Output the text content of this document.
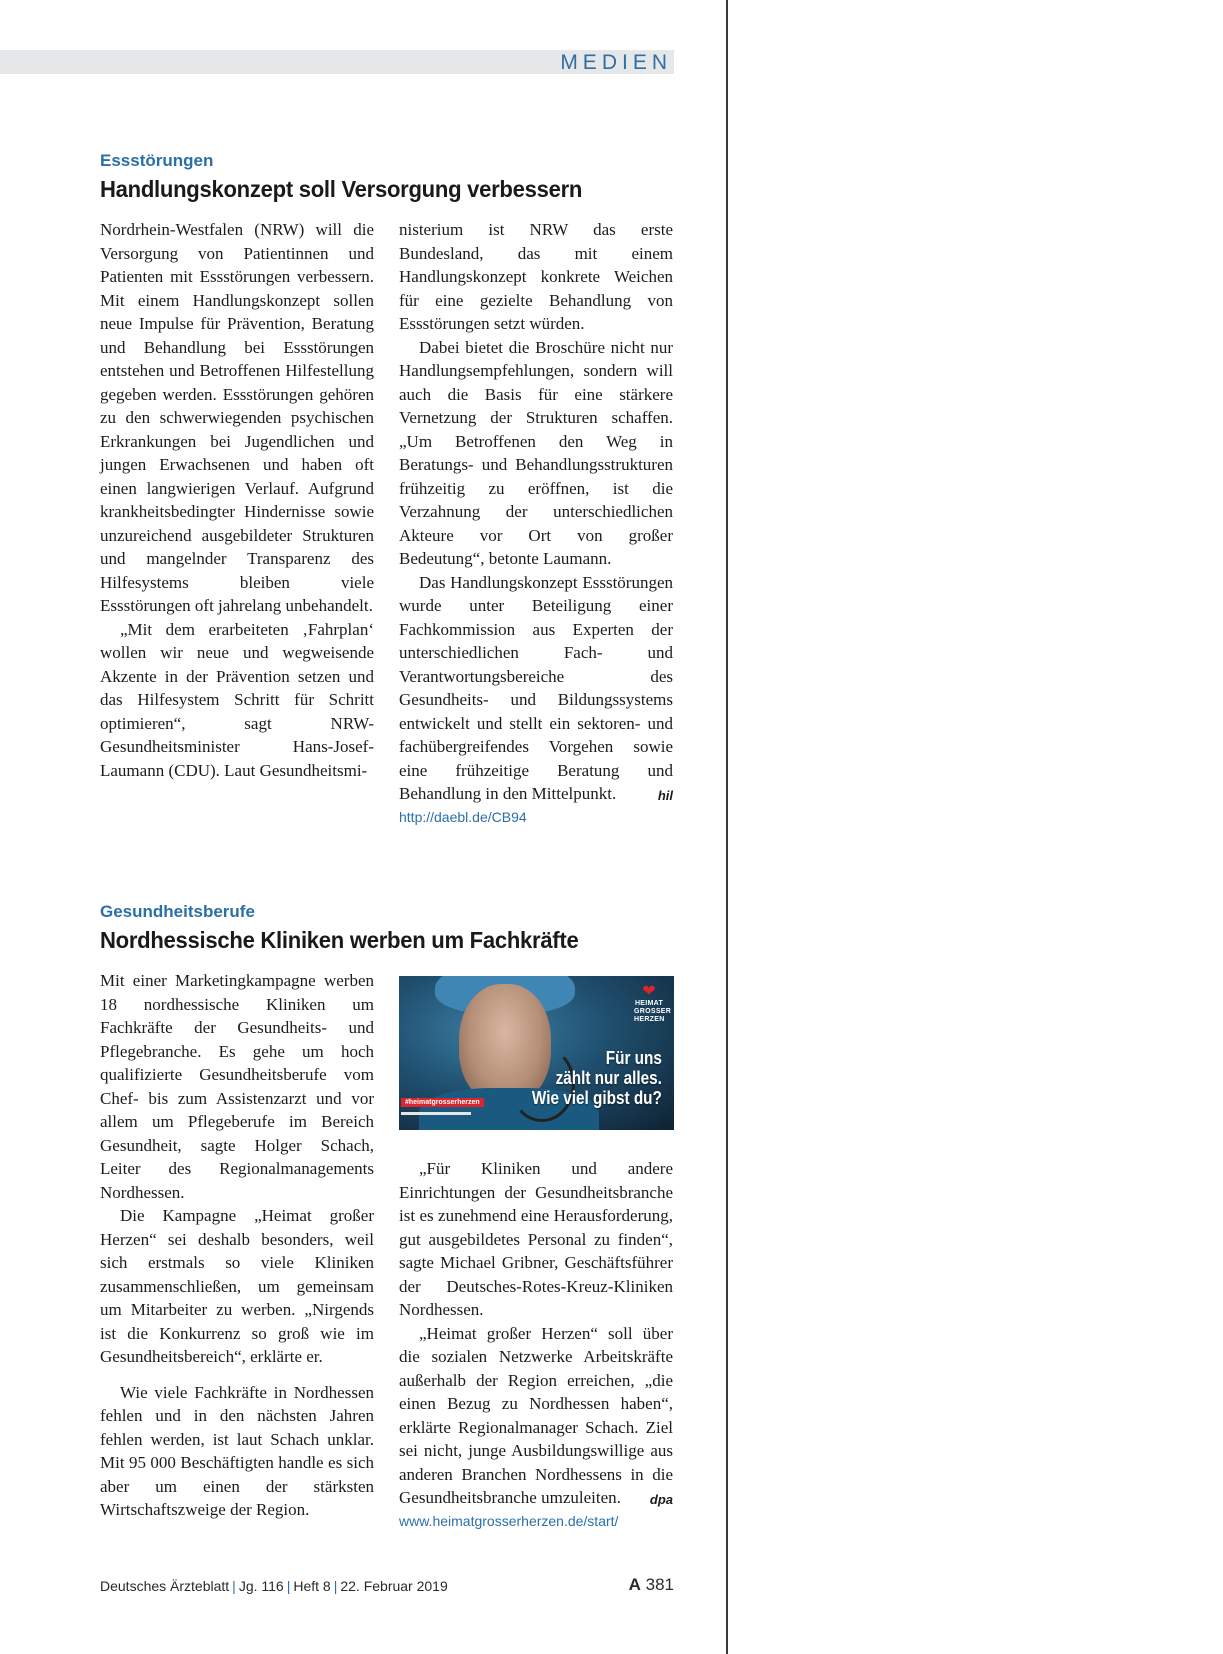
MEDIEN
Essstörungen
Handlungskonzept soll Versorgung verbessern

Nordrhein-Westfalen (NRW) will die Versorgung von Patientinnen und Patienten mit Essstörungen verbessern. Mit einem Handlungskonzept sollen neue Impulse für Prävention, Beratung und Behandlung bei Essstörungen entstehen und Betroffenen Hilfestellung gegeben werden. Essstörungen gehören zu den schwerwiegenden psychischen Erkrankungen bei Jugendlichen und jungen Erwachsenen und haben oft einen langwierigen Verlauf. Aufgrund krankheitsbedingter Hindernisse sowie unzureichend ausgebildeter Strukturen und mangelnder Transparenz des Hilfesystems bleiben viele Essstörungen oft jahrelang unbehandelt.

„Mit dem erarbeiteten ‚Fahrplan‘ wollen wir neue und wegweisende Akzente in der Prävention setzen und das Hilfesystem Schritt für Schritt optimieren“, sagt NRW-Gesundheitsminister Hans-Josef-Laumann (CDU). Laut Gesundheitsmi-

nisterium ist NRW das erste Bundesland, das mit einem Handlungskonzept konkrete Weichen für eine gezielte Behandlung von Essstörungen setzt würden.

Dabei bietet die Broschüre nicht nur Handlungsempfehlungen, sondern will auch die Basis für eine stärkere Vernetzung der Strukturen schaffen. „Um Betroffenen den Weg in Beratungs- und Behandlungsstrukturen frühzeitig zu eröffnen, ist die Verzahnung der unterschiedlichen Akteure vor Ort von großer Bedeutung“, betonte Laumann.

Das Handlungskonzept Essstörungen wurde unter Beteiligung einer Fachkommission aus Experten der unterschiedlichen Fach- und Verantwortungsbereiche des Gesundheits- und Bildungssystems entwickelt und stellt ein sektoren- und fachübergreifendes Vorgehen sowie eine frühzeitige Beratung und Behandlung in den Mittelpunkt.	hil

http://daebl.de/CB94
Gesundheitsberufe
Nordhessische Kliniken werben um Fachkräfte

Mit einer Marketingkampagne werben 18 nordhessische Kliniken um Fachkräfte der Gesundheits- und Pflegebranche. Es gehe um hoch qualifizierte Gesundheitsberufe vom Chef- bis zum Assistenzarzt und vor allem um Pflegeberufe im Bereich Gesundheit, sagte Holger Schach, Leiter des Regionalmanagements Nordhessen.

Die Kampagne „Heimat großer Herzen“ sei deshalb besonders, weil sich erstmals so viele Kliniken zusammenschließen, um gemeinsam um Mitarbeiter zu werben. „Nirgends ist die Konkurrenz so groß wie im Gesundheitsbereich“, erklärte er.

Wie viele Fachkräfte in Nordhessen fehlen und in den nächsten Jahren fehlen werden, ist laut Schach unklar. Mit 95 000 Beschäftigten handle es sich aber um einen der stärksten Wirtschaftszweige der Region.

❤
HEIMAT
GROSSER
HERZEN
Für uns
zählt nur alles.
Wie viel gibst du?
#heimatgrosserherzen

„Für Kliniken und andere Einrichtungen der Gesundheitsbranche ist es zunehmend eine Herausforderung, gut ausgebildetes Personal zu finden“, sagte Michael Gribner, Geschäftsführer der Deutsches-Rotes-Kreuz-Kliniken Nordhessen.

„Heimat großer Herzen“ soll über die sozialen Netzwerke Arbeitskräfte außerhalb der Region erreichen, „die einen Bezug zu Nordhessen haben“, erklärte Regionalmanager Schach. Ziel sei nicht, junge Ausbildungswillige aus anderen Branchen Nordhessens in die Gesundheitsbranche umzuleiten.	dpa

www.heimatgrosserherzen.de/start/
Deutsches Ärzteblatt | Jg. 116 | Heft 8 | 22. Februar 2019	A 381
